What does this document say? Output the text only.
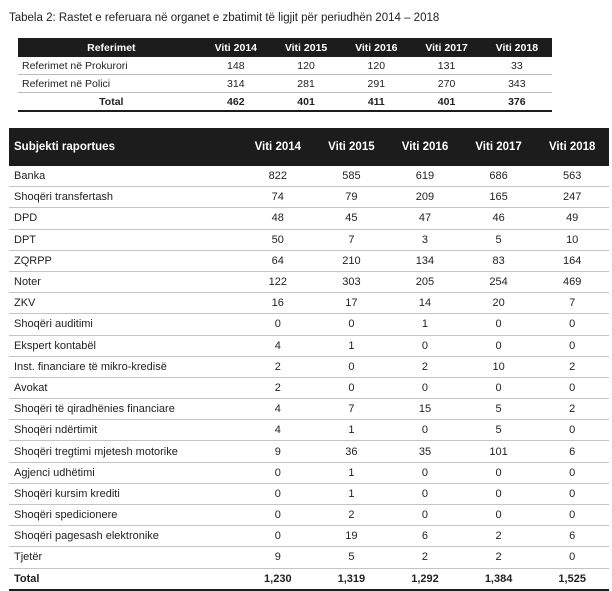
Tabela 2: Rastet e referuara në organet e zbatimit të ligjit për periudhën 2014 – 2018
Referimet	Viti 2014	Viti 2015	Viti 2016	Viti 2017	Viti 2018
Referimet në Prokurori	148	120	120	131	33
Referimet në Polici	314	281	291	270	343
Total	462	401	411	401	376
Subjekti raportues	Viti 2014	Viti 2015	Viti 2016	Viti 2017	Viti 2018
Banka	822	585	619	686	563
Shoqëri transfertash	74	79	209	165	247
DPD	48	45	47	46	49
DPT	50	7	3	5	10
ZQRPP	64	210	134	83	164
Noter	122	303	205	254	469
ZKV	16	17	14	20	7
Shoqëri auditimi	0	0	1	0	0
Ekspert kontabël	4	1	0	0	0
Inst. financiare të mikro-kredisë	2	0	2	10	2
Avokat	2	0	0	0	0
Shoqëri të qiradhënies financiare	4	7	15	5	2
Shoqëri ndërtimit	4	1	0	5	0
Shoqëri tregtimi mjetesh motorike	9	36	35	101	6
Agjenci udhëtimi	0	1	0	0	0
Shoqëri kursim krediti	0	1	0	0	0
Shoqëri spedicionere	0	2	0	0	0
Shoqëri pagesash elektronike	0	19	6	2	6
Tjetër	9	5	2	2	0
Total	1,230	1,319	1,292	1,384	1,525
